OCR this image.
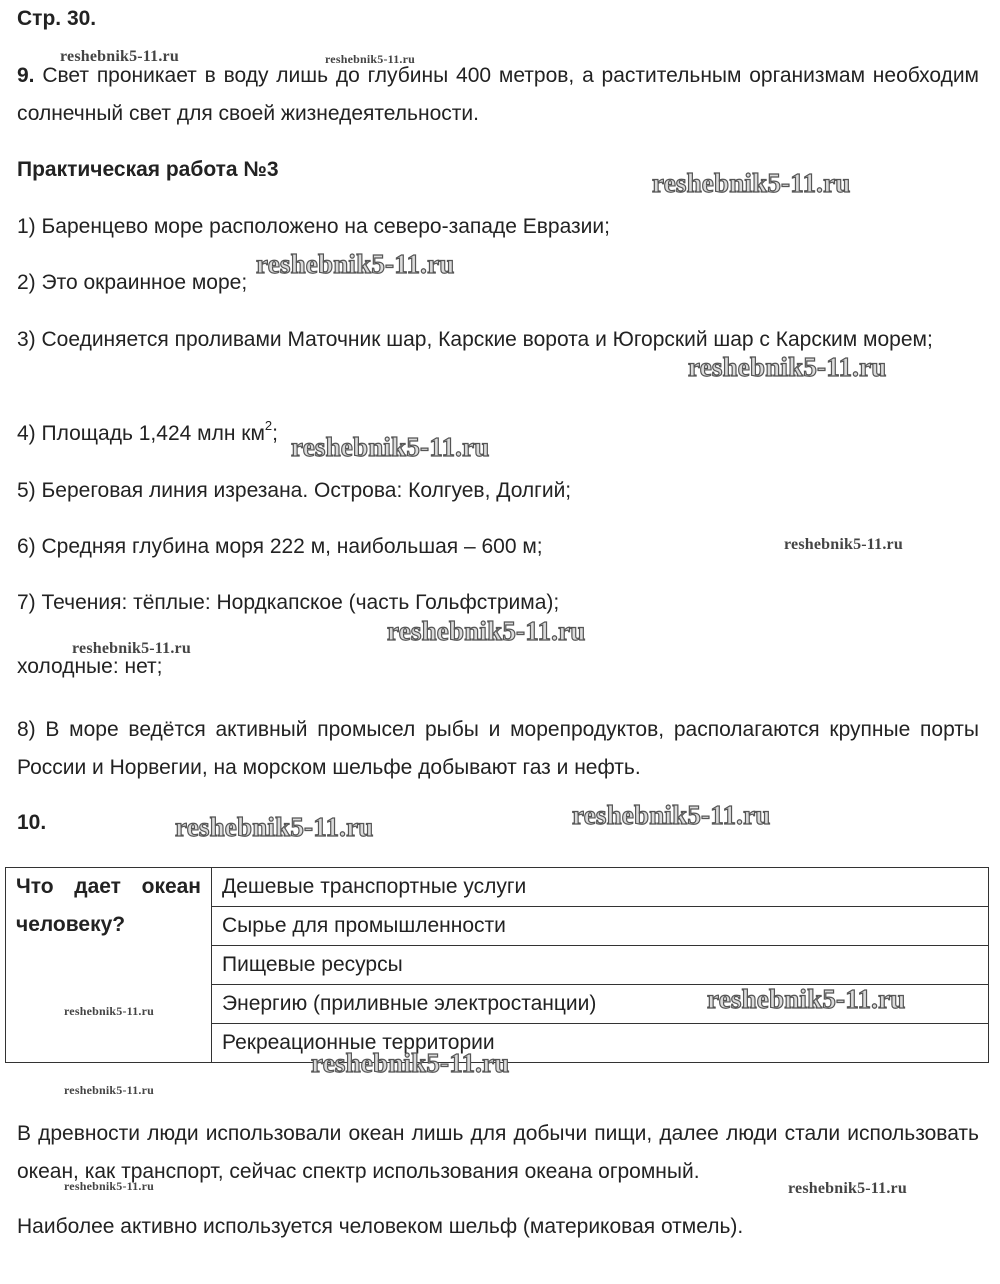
Стр. 30.
9. Свет проникает в воду лишь до глубины 400 метров, а растительным организмам необходим солнечный свет для своей жизнедеятельности.
Практическая работа №3
1) Баренцево море расположено на северо-западе Евразии;
2) Это окраинное море;
3) Соединяется проливами Маточник шар, Карские ворота и Югорский шар с Карским морем;
4) Площадь 1,424 млн $км^2$;
5) Береговая линия изрезана. Острова: Колгуев, Долгий;
6) Средняя глубина моря 222 м, наибольшая – 600 м;
7) Течения: тёплые: Нордкапское (часть Гольфстрима);
холодные: нет;
8) В море ведётся активный промысел рыбы и морепродуктов, располагаются крупные порты России и Норвегии, на морском шельфе добывают газ и нефть.
10.
Что дает океан человеку?	Дешевые транспортные услуги
Сырье для промышленности
Пищевые ресурсы
Энергию (приливные электростанции)
Рекреационные территории
В древности люди использовали океан лишь для добычи пищи, далее люди стали использовать океан, как транспорт, сейчас спектр использования океана огромный.
Наиболее активно используется человеком шельф (материковая отмель).
reshebnik5-11.ru	reshebnik5-11.ru
reshebnik5-11.ru
reshebnik5-11.ru
reshebnik5-11.ru
reshebnik5-11.ru
reshebnik5-11.ru
reshebnik5-11.ru
reshebnik5-11.ru
reshebnik5-11.ru
reshebnik5-11.ru
reshebnik5-11.ru
reshebnik5-11.ru
reshebnik5-11.ru
reshebnik5-11.ru
reshebnik5-11.ru	reshebnik5-11.ru
